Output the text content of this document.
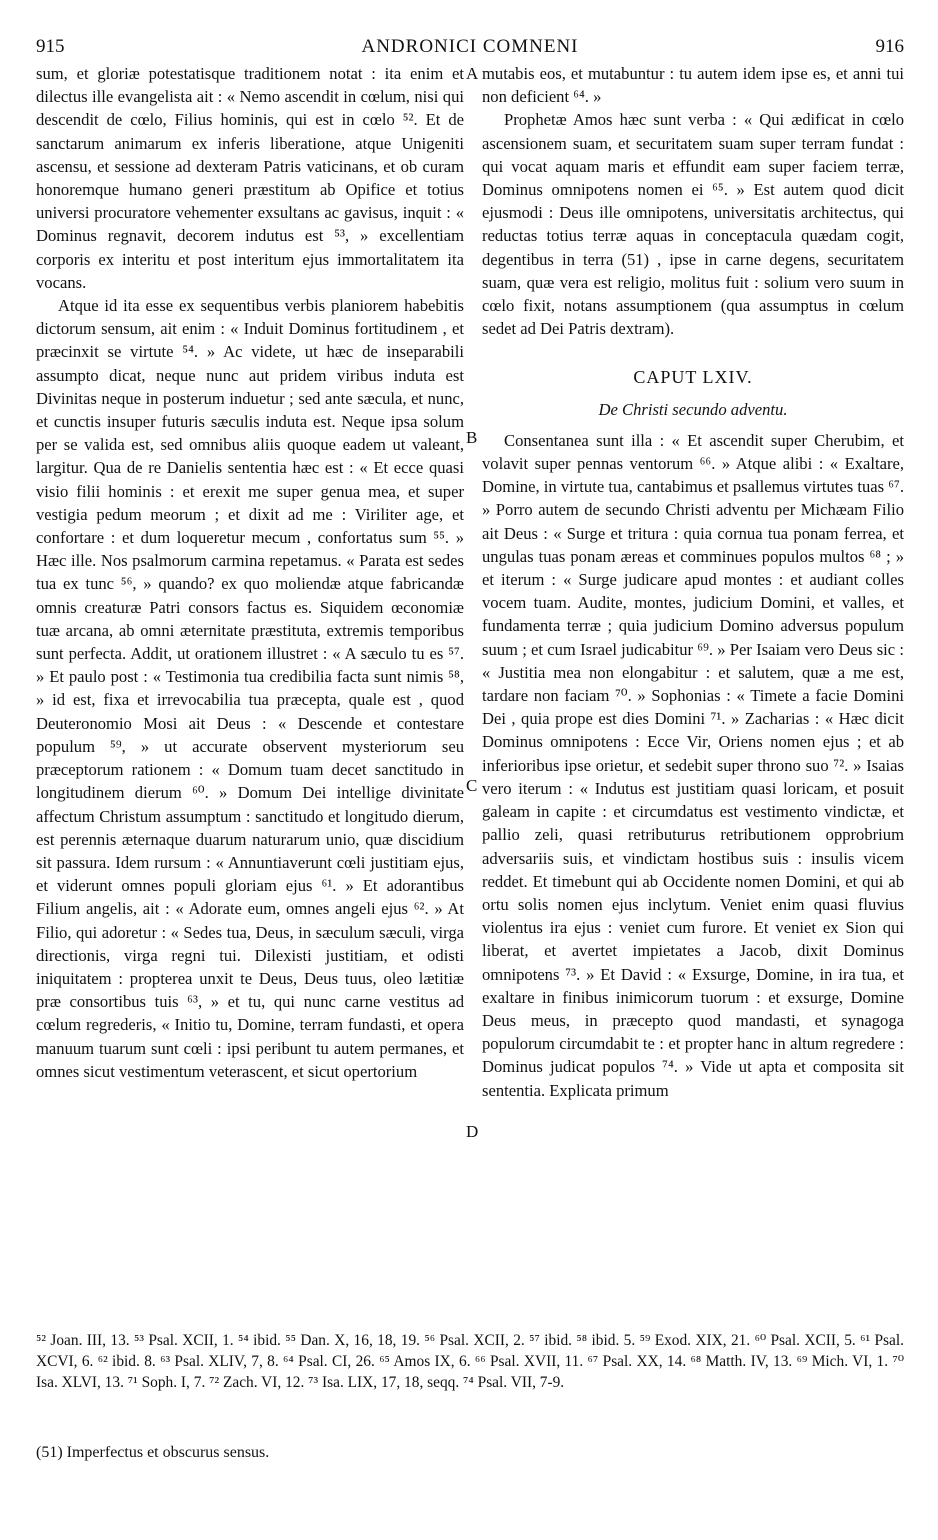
915	ANDRONICI COMNENI	916

sum, et gloriæ potestatisque traditionem notat : ita enim et dilectus ille evangelista ait : « Nemo ascendit in cœlum, nisi qui descendit de cœlo, Filius hominis, qui est in cœlo ⁵². Et de sanctarum animarum ex inferis liberatione, atque Unigeniti ascensu, et sessione ad dexteram Patris vaticinans, et ob curam honoremque humano generi præstitum ab Opifice et totius universi procuratore vehementer exsultans ac gavisus, inquit : « Dominus regnavit, decorem indutus est ⁵³, » excellentiam corporis ex interitu et post interitum ejus immortalitatem ita vocans.

Atque id ita esse ex sequentibus verbis planiorem habebitis dictorum sensum, ait enim : « Induit Dominus fortitudinem , et præcinxit se virtute ⁵⁴. » Ac videte, ut hæc de inseparabili assumpto dicat, neque nunc aut pridem viribus induta est Divinitas neque in posterum induetur ; sed ante sæcula, et nunc, et cunctis insuper futuris sæculis induta est. Neque ipsa solum per se valida est, sed omnibus aliis quoque eadem ut valeant, largitur. Qua de re Danielis sententia hæc est : « Et ecce quasi visio filii hominis : et erexit me super genua mea, et super vestigia pedum meorum ; et dixit ad me : Viriliter age, et confortare : et dum loqueretur mecum , confortatus sum ⁵⁵. » Hæc ille. Nos psalmorum carmina repetamus. « Parata est sedes tua ex tunc ⁵⁶, » quando? ex quo moliendæ atque fabricandæ omnis creaturæ Patri consors factus es. Siquidem œconomiæ tuæ arcana, ab omni æternitate præstituta, extremis temporibus sunt perfecta. Addit, ut orationem illustret : « A sæculo tu es ⁵⁷. » Et paulo post : « Testimonia tua credibilia facta sunt nimis ⁵⁸, » id est, fixa et irrevocabilia tua præcepta, quale est , quod Deuteronomio Mosi ait Deus : « Descende et contestare populum ⁵⁹, » ut accurate observent mysteriorum seu præceptorum rationem : « Domum tuam decet sanctitudo in longitudinem dierum ⁶⁰. » Domum Dei intellige divinitate affectum Christum assumptum : sanctitudo et longitudo dierum, est perennis æternaque duarum naturarum unio, quæ discidium sit passura. Idem rursum : « Annuntiaverunt cœli justitiam ejus, et viderunt omnes populi gloriam ejus ⁶¹. » Et adorantibus Filium angelis, ait : « Adorate eum, omnes angeli ejus ⁶². » At Filio, qui adoretur : « Sedes tua, Deus, in sæculum sæculi, virga directionis, virga regni tui. Dilexisti justitiam, et odisti iniquitatem : propterea unxit te Deus, Deus tuus, oleo lætitiæ præ consortibus tuis ⁶³, » et tu, qui nunc carne vestitus ad cœlum regrederis, « Initio tu, Domine, terram fundasti, et opera manuum tuarum sunt cœli : ipsi peribunt tu autem permanes, et omnes sicut vestimentum veterascent, et sicut opertorium

A
B
C
D

mutabis eos, et mutabuntur : tu autem idem ipse es, et anni tui non deficient ⁶⁴. »

Prophetæ Amos hæc sunt verba : « Qui ædificat in cœlo ascensionem suam, et securitatem suam super terram fundat : qui vocat aquam maris et effundit eam super faciem terræ, Dominus omnipotens nomen ei ⁶⁵. » Est autem quod dicit ejusmodi : Deus ille omnipotens, universitatis architectus, qui reductas totius terræ aquas in conceptacula quædam cogit, degentibus in terra (51) , ipse in carne degens, securitatem suam, quæ vera est religio, molitus fuit : solium vero suum in cœlo fixit, notans assumptionem (qua assumptus in cœlum sedet ad Dei Patris dextram).

CAPUT LXIV.
De Christi secundo adventu.

Consentanea sunt illa : « Et ascendit super Cherubim, et volavit super pennas ventorum ⁶⁶. » Atque alibi : « Exaltare, Domine, in virtute tua, cantabimus et psallemus virtutes tuas ⁶⁷. » Porro autem de secundo Christi adventu per Michæam Filio ait Deus : « Surge et tritura : quia cornua tua ponam ferrea, et ungulas tuas ponam æreas et comminues populos multos ⁶⁸ ; » et iterum : « Surge judicare apud montes : et audiant colles vocem tuam. Audite, montes, judicium Domini, et valles, et fundamenta terræ ; quia judicium Domino adversus populum suum ; et cum Israel judicabitur ⁶⁹. » Per Isaiam vero Deus sic : « Justitia mea non elongabitur : et salutem, quæ a me est, tardare non faciam ⁷⁰. » Sophonias : « Timete a facie Domini Dei , quia prope est dies Domini ⁷¹. » Zacharias : « Hæc dicit Dominus omnipotens : Ecce Vir, Oriens nomen ejus ; et ab inferioribus ipse orietur, et sedebit super throno suo ⁷². » Isaias vero iterum : « Indutus est justitiam quasi loricam, et posuit galeam in capite : et circumdatus est vestimento vindictæ, et pallio zeli, quasi retributurus retributionem opprobrium adversariis suis, et vindictam hostibus suis : insulis vicem reddet. Et timebunt qui ab Occidente nomen Domini, et qui ab ortu solis nomen ejus inclytum. Veniet enim quasi fluvius violentus ira ejus : veniet cum furore. Et veniet ex Sion qui liberat, et avertet impietates a Jacob, dixit Dominus omnipotens ⁷³. » Et David : « Exsurge, Domine, in ira tua, et exaltare in finibus inimicorum tuorum : et exsurge, Domine Deus meus, in præcepto quod mandasti, et synagoga populorum circumdabit te : et propter hanc in altum regredere : Dominus judicat populos ⁷⁴. » Vide ut apta et composita sit sententia. Explicata primum

⁵² Joan. III, 13. ⁵³ Psal. XCII, 1. ⁵⁴ ibid. ⁵⁵ Dan. X, 16, 18, 19. ⁵⁶ Psal. XCII, 2. ⁵⁷ ibid. ⁵⁸ ibid. 5. ⁵⁹ Exod. XIX, 21. ⁶⁰ Psal. XCII, 5. ⁶¹ Psal. XCVI, 6. ⁶² ibid. 8. ⁶³ Psal. XLIV, 7, 8. ⁶⁴ Psal. CI, 26. ⁶⁵ Amos IX, 6. ⁶⁶ Psal. XVII, 11. ⁶⁷ Psal. XX, 14. ⁶⁸ Matth. IV, 13. ⁶⁹ Mich. VI, 1. ⁷⁰ Isa. XLVI, 13. ⁷¹ Soph. I, 7. ⁷² Zach. VI, 12. ⁷³ Isa. LIX, 17, 18, seqq. ⁷⁴ Psal. VII, 7-9.
(51) Imperfectus et obscurus sensus.
